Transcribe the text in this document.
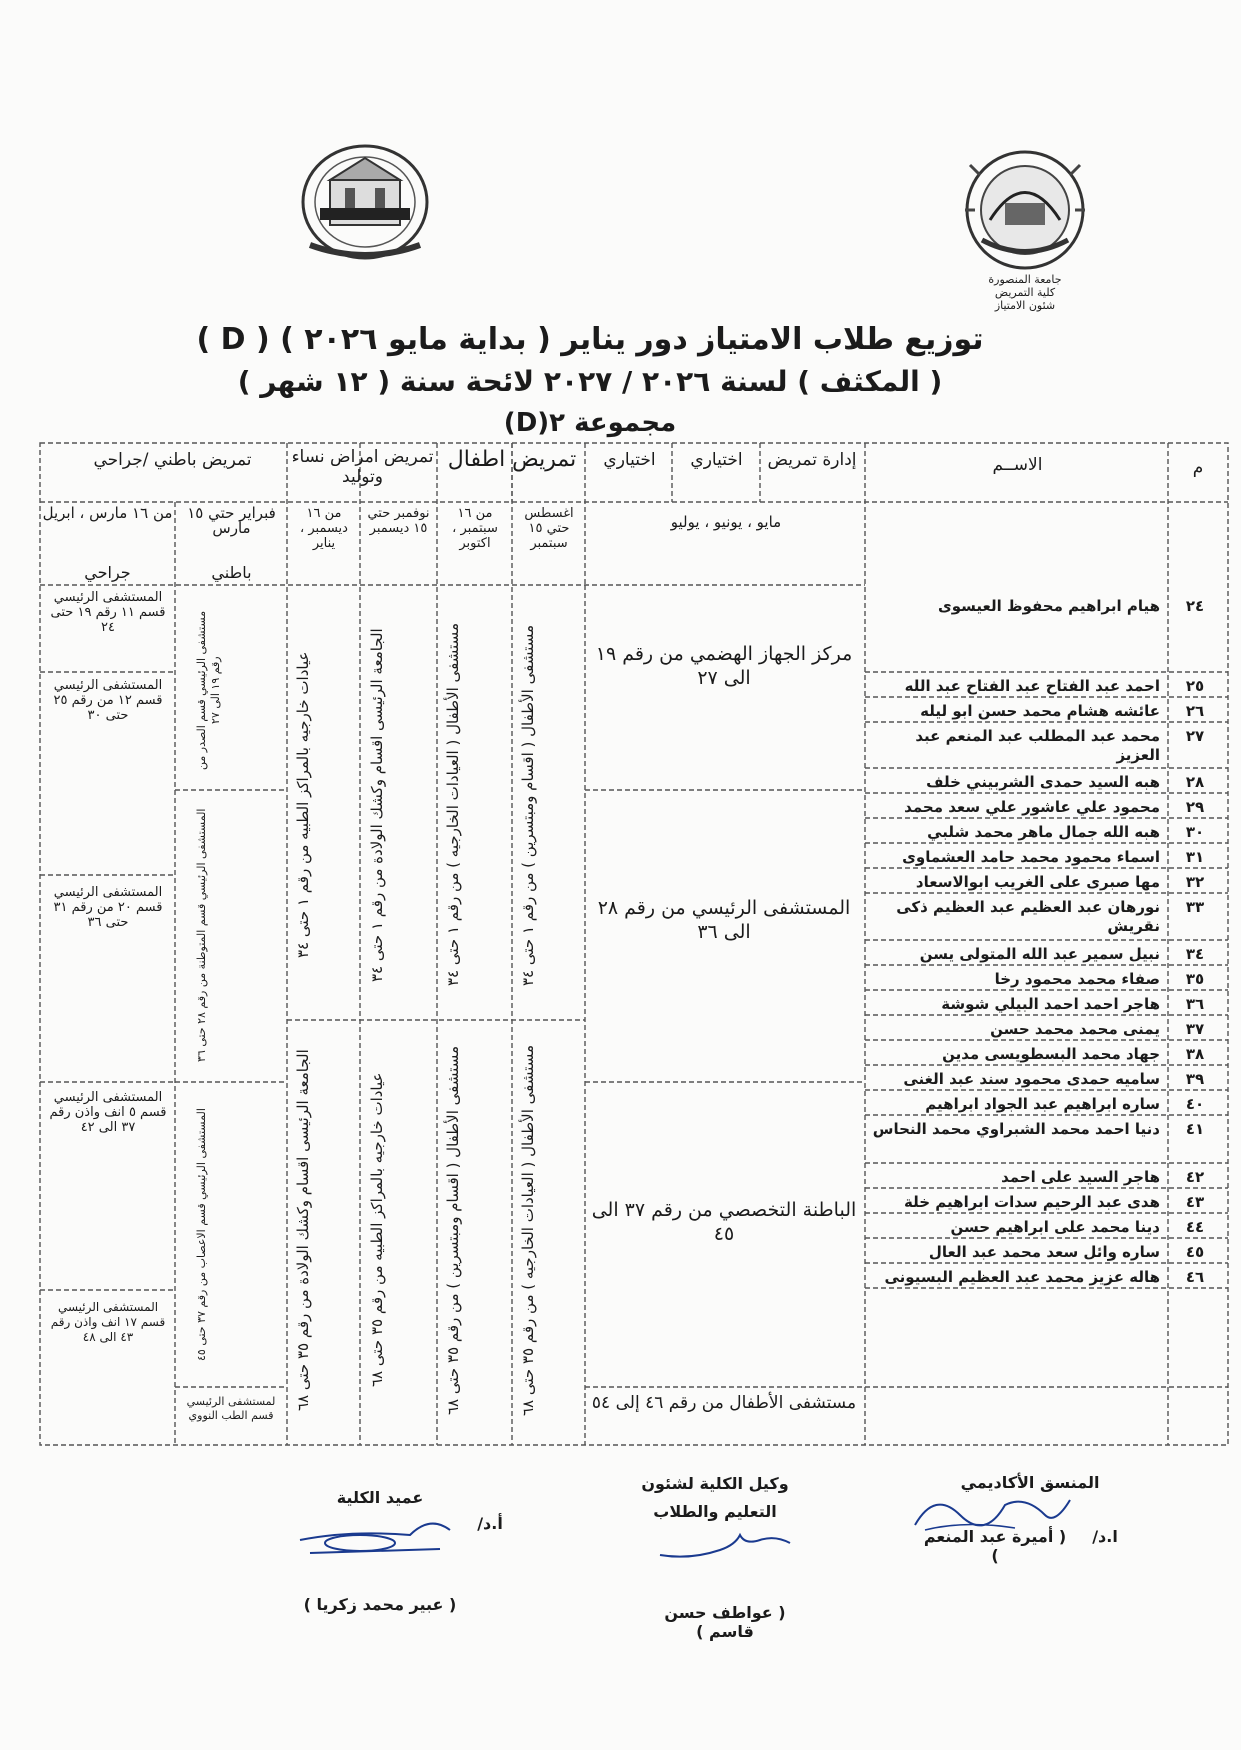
جامعة المنصورة
كلية التمريض
شئون الامتياز
توزيع طلاب الامتياز دور يناير ( بداية مايو ٢٠٢٦ ) ( D )
( المكثف ) لسنة ٢٠٢٦ / ٢٠٢٧ لائحة سنة ( ١٢ شهر )
مجموعة ٢(D)
م
الاســم
إدارة تمريض
اختياري
اختياري
تمريض اطفال
تمريض امراض نساء وتوليد
تمريض باطني /جراحي
مايو ، يونيو ، يوليو
اغسطس حتي ١٥ سبتمبر
من ١٦ سبتمبر ، اكتوبر
نوفمبر حتي ١٥ ديسمبر
من ١٦ ديسمبر ، يناير
فبراير حتي ١٥ مارس
من ١٦ مارس ، ابريل
باطني
جراحي
٢٤
هيام ابراهيم محفوظ العيسوى
٢٥
احمد عبد الفتاح عبد الفتاح عبد الله
٢٦
عائشه هشام محمد حسن ابو ليله
٢٧
محمد عبد المطلب عبد المنعم عبد العزيز
٢٨
هبه السيد حمدى الشربيني خلف
٢٩
محمود علي عاشور علي سعد محمد
٣٠
هبه الله جمال ماهر محمد شلبي
٣١
اسماء محمود محمد حامد العشماوى
٣٢
مها صبرى على الغريب ابوالاسعاد
٣٣
نورهان عبد العظيم عبد العظيم ذكى نقريش
٣٤
نبيل سمير عبد الله المتولى يسن
٣٥
صفاء محمد محمود رخا
٣٦
هاجر احمد احمد البيلي شوشة
٣٧
يمنى محمد محمد حسن
٣٨
جهاد محمد البسطويسى مدين
٣٩
ساميه حمدى محمود سند عبد الغنى
٤٠
ساره ابراهيم عبد الجواد ابراهيم
٤١
دنيا احمد محمد الشبراوي محمد النحاس
٤٢
هاجر السيد على احمد
٤٣
هدى عبد الرحيم سدات ابراهيم خلة
٤٤
دينا محمد على ابراهيم حسن
٤٥
ساره وائل سعد محمد عبد العال
٤٦
هاله عزيز محمد عبد العظيم البسيونى
مركز الجهاز الهضمي من رقم ١٩ الى ٢٧
المستشفى الرئيسي من رقم ٢٨ الى ٣٦
الباطنة التخصصي من رقم ٣٧ الى ٤٥
مستشفى الأطفال من رقم ٤٦ إلى ٥٤
مستشفى الأطفال ( اقسام ومبتسرين ) من رقم ١ حتى ٣٤
مستشفى الأطفال ( العيادات الخارجيه ) من رقم ٣٥ حتى ٦٨
مستشفى الأطفال ( العيادات الخارجيه ) من رقم ١ حتى ٣٤
مستشفى الأطفال ( اقسام ومبتسرين ) من رقم ٣٥ حتى ٦٨
الجامعة الرئيسى اقسام وكشك الولادة من رقم ١ حتى ٣٤
عيادات خارجيه بالمراكز الطبيه من رقم ٣٥ حتى ٦٨
عيادات خارجيه بالمراكز الطبيه من رقم ١ حتى ٣٤
الجامعة الرئيسى اقسام وكشك الولادة من رقم ٣٥ حتى ٦٨
مستشفى الرئيسي قسم الصدر من رقم ١٩ الى ٢٧
المستشفى الرئيسي قسم المتوطنة من رقم ٢٨ حتى ٣٦
المستشفى الرئيسي قسم الاعصاب من رقم ٣٧ حتى ٤٥
لمستشفى الرئيسي قسم الطب النووي
المستشفى الرئيسي قسم ١١ رقم ١٩ حتى ٢٤
المستشفى الرئيسي قسم ١٢ من رقم ٢٥ حتى ٣٠
المستشفى الرئيسي قسم ٢٠ من رقم ٣١ حتى ٣٦
المستشفى الرئيسي قسم ٥ انف واذن رقم ٣٧ الى ٤٢
المستشفى الرئيسي قسم ١٧ انف واذن رقم ٤٣ الى ٤٨
المنسق الأكاديمي
ا.د/
( أميرة عبد المنعم )
وكيل الكلية لشئون التعليم والطلاب
( عواطف حسن قاسم )
عميد الكلية
أ.د/
( عبير محمد زكريا )
